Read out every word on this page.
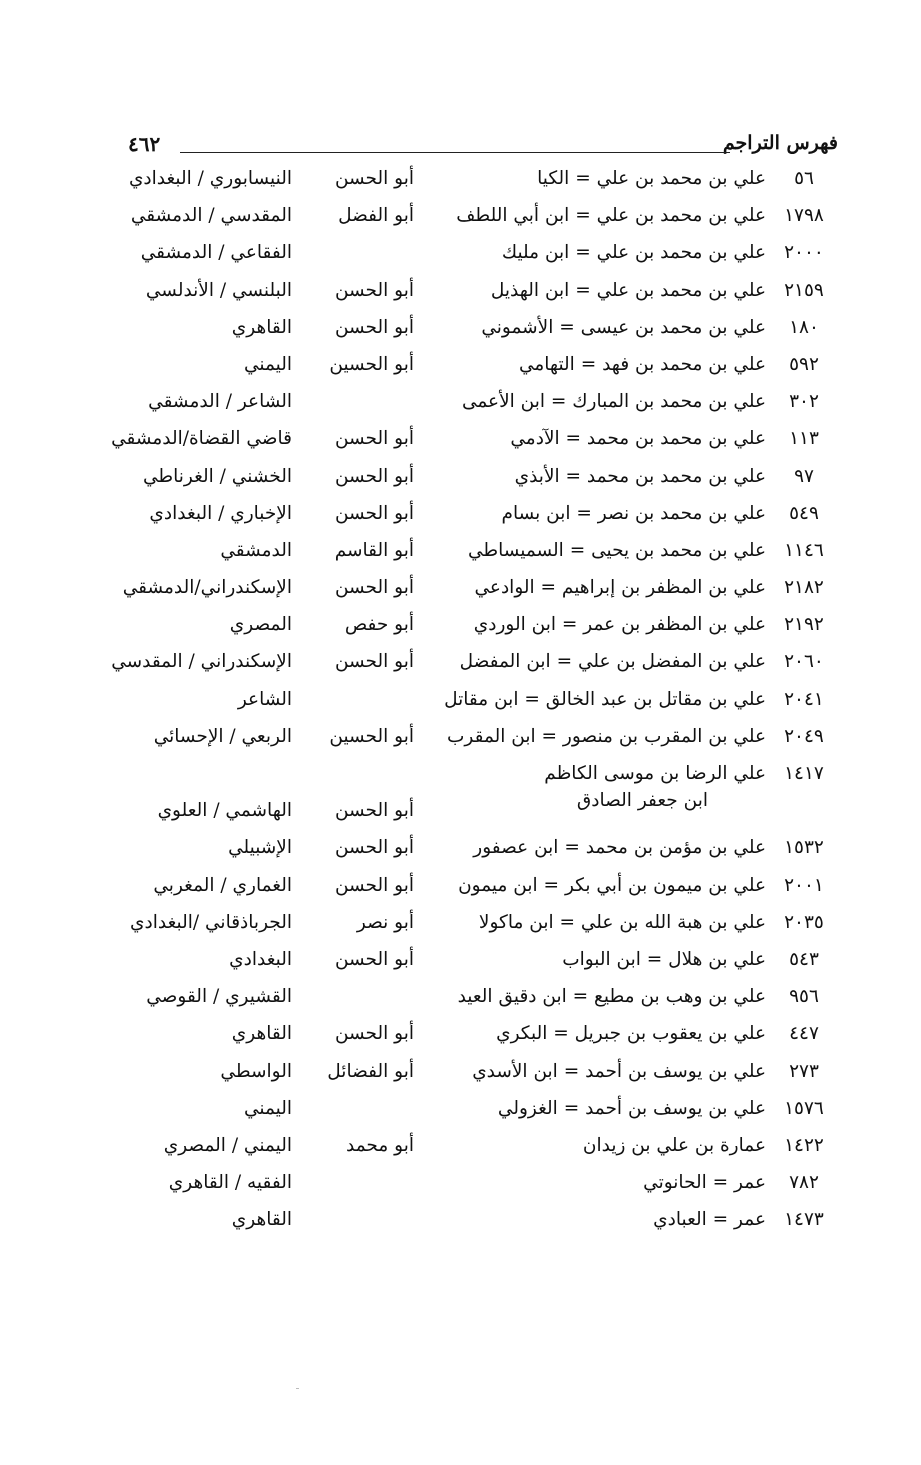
فهرس التراجم
٤٦٢
٥٦
علي بن محمد بن علي = الكيا
أبو الحسن
النيسابوري / البغدادي
١٧٩٨
علي بن محمد بن علي = ابن أبي اللطف
أبو الفضل
المقدسي / الدمشقي
٢٠٠٠
علي بن محمد بن علي = ابن مليك
الفقاعي / الدمشقي
٢١٥٩
علي بن محمد بن علي = ابن الهذيل
أبو الحسن
البلنسي / الأندلسي
١٨٠
علي بن محمد بن عيسى = الأشموني
أبو الحسن
القاهري
٥٩٢
علي بن محمد بن فهد = التهامي
أبو الحسين
اليمني
٣٠٢
علي بن محمد بن المبارك = ابن الأعمى
الشاعر / الدمشقي
١١٣
علي بن محمد بن محمد = الآدمي
أبو الحسن
قاضي القضاة/الدمشقي
٩٧
علي بن محمد بن محمد = الأبذي
أبو الحسن
الخشني / الغرناطي
٥٤٩
علي بن محمد بن نصر = ابن بسام
أبو الحسن
الإخباري / البغدادي
١١٤٦
علي بن محمد بن يحيى = السميساطي
أبو القاسم
الدمشقي
٢١٨٢
علي بن المظفر بن إبراهيم = الوادعي
أبو الحسن
الإسكندراني/الدمشقي
٢١٩٢
علي بن المظفر بن عمر = ابن الوردي
أبو حفص
المصري
٢٠٦٠
علي بن المفضل بن علي = ابن المفضل
أبو الحسن
الإسكندراني / المقدسي
٢٠٤١
علي بن مقاتل بن عبد الخالق = ابن مقاتل
الشاعر
٢٠٤٩
علي بن المقرب بن منصور = ابن المقرب
أبو الحسين
الربعي / الإحسائي
١٤١٧
علي الرضا بن موسى الكاظم
ابن جعفر الصادق
أبو الحسن
الهاشمي / العلوي
١٥٣٢
علي بن مؤمن بن محمد = ابن عصفور
أبو الحسن
الإشبيلي
٢٠٠١
علي بن ميمون بن أبي بكر = ابن ميمون
أبو الحسن
الغماري / المغربي
٢٠٣٥
علي بن هبة الله بن علي = ابن ماكولا
أبو نصر
الجرباذقاني /البغدادي
٥٤٣
علي بن هلال = ابن البواب
أبو الحسن
البغدادي
٩٥٦
علي بن وهب بن مطيع = ابن دقيق العيد
القشيري / القوصي
٤٤٧
علي بن يعقوب بن جبريل = البكري
أبو الحسن
القاهري
٢٧٣
علي بن يوسف بن أحمد = ابن الأسدي
أبو الفضائل
الواسطي
١٥٧٦
علي بن يوسف بن أحمد = الغزولي
اليمني
١٤٢٢
عمارة بن علي بن زيدان
أبو محمد
اليمني / المصري
٧٨٢
عمر = الحانوتي
الفقيه / القاهري
١٤٧٣
عمر = العبادي
القاهري
